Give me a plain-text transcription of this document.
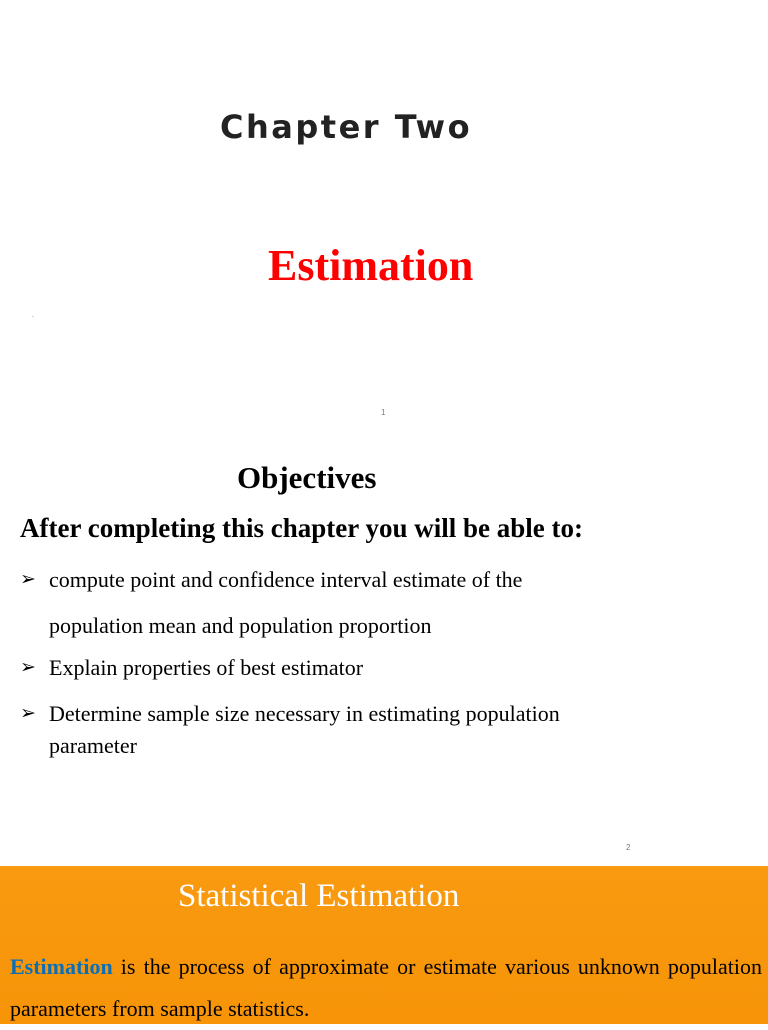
Chapter Two
Estimation
.
1
Objectives
After completing this chapter you will be able to:
➢ compute point and confidence interval estimate of the
population mean and population proportion
➢ Explain properties of best estimator
➢ Determine sample size necessary in estimating population
parameter
2
Statistical Estimation
Estimation is the process of approximate or estimate various unknown population parameters from sample statistics.
